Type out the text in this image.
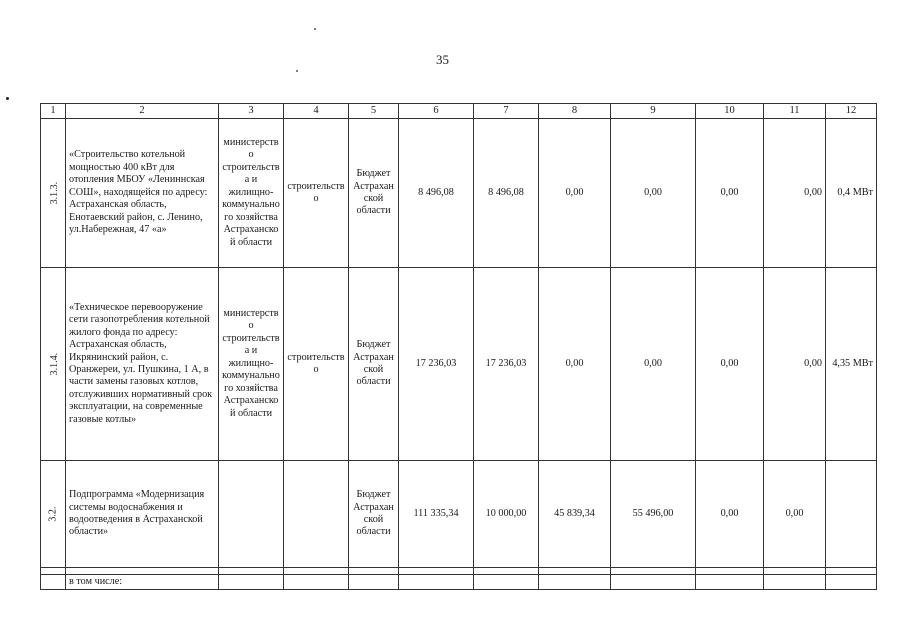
35
1	2	3	4	5	6	7	8	9	10	11	12
3.1.3.	«Строительство котельной мощностью 400 кВт для отопления МБОУ «Лениннская СОШ», находящейся по адресу: Астраханская область, Енотаевский район, с. Ленино, ул.Набережная, 47 «а»	министерство строительства и жилищно-коммунального хозяйства Астраханской области	строительство	Бюджет Астраханской области	8 496,08	8 496,08	0,00	0,00	0,00	0,00	0,4 МВт
3.1.4.	«Техническое перевооружение сети газопотребления котельной жилого фонда по адресу: Астраханская область, Икрянинский район, с. Оранжереи, ул. Пушкина, 1 А, в части замены газовых котлов, отслуживших нормативный срок эксплуатации, на современные газовые котлы»	министерство строительства и жилищно-коммунального хозяйства Астраханской области	строительство	Бюджет Астраханской области	17 236,03	17 236,03	0,00	0,00	0,00	0,00	4,35 МВт
3.2.	Подпрограмма «Модернизация системы водоснабжения и водоотведения в Астраханской области»			Бюджет Астраханской области	111 335,34	10 000,00	45 839,34	55 496,00	0,00	0,00	

	в том числе:										
